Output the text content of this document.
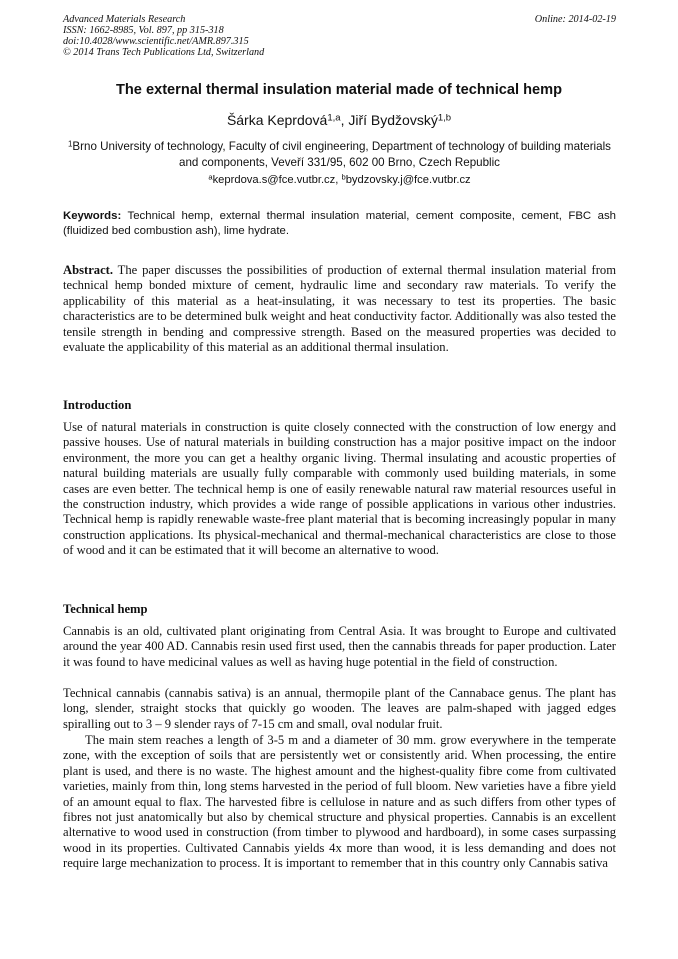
Advanced Materials Research
ISSN: 1662-8985, Vol. 897, pp 315-318
doi:10.4028/www.scientific.net/AMR.897.315
© 2014 Trans Tech Publications Ltd, Switzerland
Online: 2014-02-19
The external thermal insulation material made of technical hemp
Šárka Keprdová$^{1,a}$, Jiří Bydžovský$^{1,b}$
$^1$Brno University of technology, Faculty of civil engineering, Department of technology of building materials and components, Veveří 331/95, 602 00 Brno, Czech Republic
$^a$keprdova.s@fce.vutbr.cz, $^b$bydzovsky.j@fce.vutbr.cz
Keywords: Technical hemp, external thermal insulation material, cement composite, cement, FBC ash (fluidized bed combustion ash), lime hydrate.

Abstract. The paper discusses the possibilities of production of external thermal insulation material from technical hemp bonded mixture of cement, hydraulic lime and secondary raw materials. To verify the applicability of this material as a heat-insulating, it was necessary to test its properties. The basic characteristics are to be determined bulk weight and heat conductivity factor. Additionally was also tested the tensile strength in bending and compressive strength. Based on the measured properties was decided to evaluate the applicability of this material as an additional thermal insulation.

Introduction

Use of natural materials in construction is quite closely connected with the construction of low energy and passive houses. Use of natural materials in building construction has a major positive impact on the indoor environment, the more you can get a healthy organic living. Thermal insulating and acoustic properties of natural building materials are usually fully comparable with commonly used building materials, in some cases are even better. The technical hemp is one of easily renewable natural raw material resources useful in the construction industry, which provides a wide range of possible applications in various other industries. Technical hemp is rapidly renewable waste-free plant material that is becoming increasingly popular in many construction applications. Its physical-mechanical and thermal-mechanical characteristics are close to those of wood and it can be estimated that it will become an alternative to wood.

Technical hemp

Cannabis is an old, cultivated plant originating from Central Asia. It was brought to Europe and cultivated around the year 400 AD. Cannabis resin used first used, then the cannabis threads for paper production. Later it was found to have medicinal values as well as having huge potential in the field of construction.

Technical cannabis (cannabis sativa) is an annual, thermopile plant of the Cannabace genus. The plant has long, slender, straight stocks that quickly go wooden. The leaves are palm-shaped with jagged edges spiralling out to 3 – 9 slender rays of 7-15 cm and small, oval nodular fruit.

The main stem reaches a length of 3-5 m and a diameter of 30 mm. grow everywhere in the temperate zone, with the exception of soils that are persistently wet or consistently arid. When processing, the entire plant is used, and there is no waste. The highest amount and the highest-quality fibre come from cultivated varieties, mainly from thin, long stems harvested in the period of full bloom. New varieties have a fibre yield of an amount equal to flax. The harvested fibre is cellulose in nature and as such differs from other types of fibres not just anatomically but also by chemical structure and physical properties. Cannabis is an excellent alternative to wood used in construction (from timber to plywood and hardboard), in some cases surpassing wood in its properties. Cultivated Cannabis yields 4x more than wood, it is less demanding and does not require large mechanization to process. It is important to remember that in this country only Cannabis sativa
